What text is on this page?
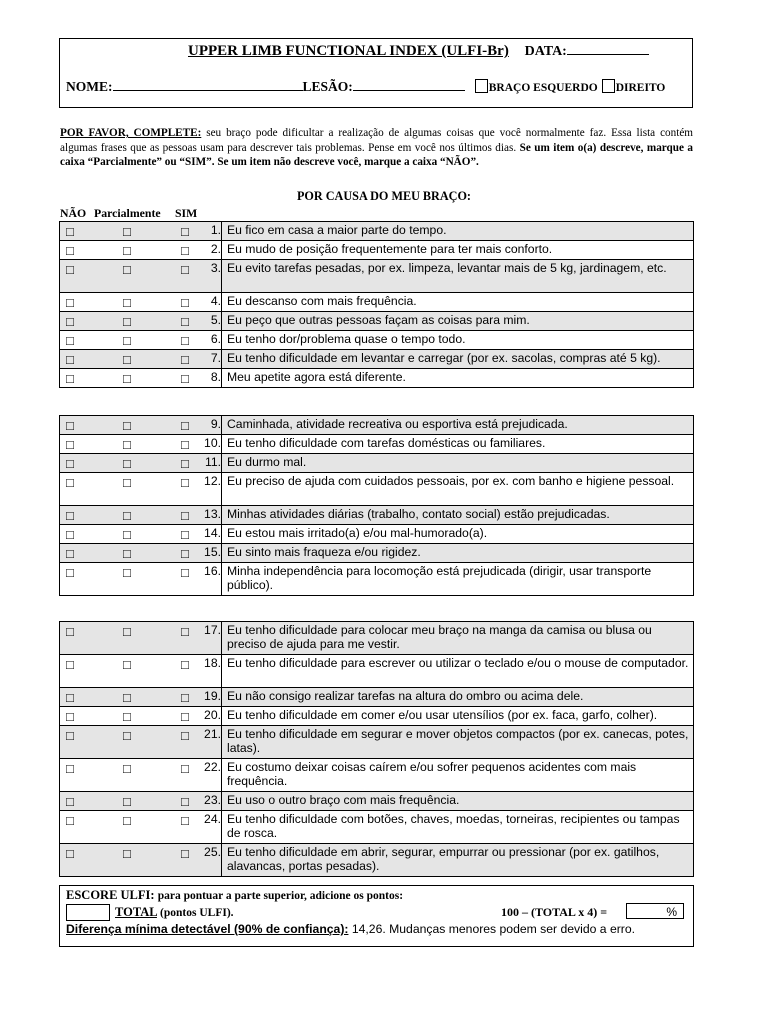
UPPER LIMB FUNCTIONAL INDEX (ULFI-Br) DATA:
NOME:	LESÃO:	BRAÇO ESQUERDO DIREITO
POR FAVOR, COMPLETE: seu braço pode dificultar a realização de algumas coisas que você normalmente faz. Essa lista contém algumas frases que as pessoas usam para descrever tais problemas. Pense em você nos últimos dias. Se um item o(a) descreve, marque a caixa “Parcialmente” ou “SIM”. Se um item não descreve você, marque a caixa “NÃO”.
POR CAUSA DO MEU BRAÇO:
NÃO Parcialmente SIM
□ □ □ 1.	Eu fico em casa a maior parte do tempo.

□ □ □ 2.	Eu mudo de posição frequentemente para ter mais conforto.

□ □ □ 3.	Eu evito tarefas pesadas, por ex. limpeza, levantar mais de 5 kg, jardinagem, etc.

□ □ □ 4.	Eu descanso com mais frequência.

□ □ □ 5.	Eu peço que outras pessoas façam as coisas para mim.

□ □ □ 6.	Eu tenho dor/problema quase o tempo todo.

□ □ □ 7.	Eu tenho dificuldade em levantar e carregar (por ex. sacolas, compras até 5 kg).

□ □ □ 8.	Meu apetite agora está diferente.
□ □ □ 9.	Caminhada, atividade recreativa ou esportiva está prejudicada.

□ □ □ 10.	Eu tenho dificuldade com tarefas domésticas ou familiares.

□ □ □ 11.	Eu durmo mal.

□ □ □ 12.	Eu preciso de ajuda com cuidados pessoais, por ex. com banho e higiene pessoal.

□ □ □ 13.	Minhas atividades diárias (trabalho, contato social) estão prejudicadas.

□ □ □ 14.	Eu estou mais irritado(a) e/ou mal-humorado(a).

□ □ □ 15.	Eu sinto mais fraqueza e/ou rigidez.

□ □ □ 16.	Minha independência para locomoção está prejudicada (dirigir, usar transporte público).
□ □ □ 17.	Eu tenho dificuldade para colocar meu braço na manga da camisa ou blusa ou preciso de ajuda para me vestir.

□ □ □ 18.	Eu tenho dificuldade para escrever ou utilizar o teclado e/ou o mouse de computador.

□ □ □ 19.	Eu não consigo realizar tarefas na altura do ombro ou acima dele.

□ □ □ 20.	Eu tenho dificuldade em comer e/ou usar utensílios (por ex. faca, garfo, colher).

□ □ □ 21.	Eu tenho dificuldade em segurar e mover objetos compactos (por ex. canecas, potes, latas).

□ □ □ 22.	Eu costumo deixar coisas caírem e/ou sofrer pequenos acidentes com mais frequência.

□ □ □ 23.	Eu uso o outro braço com mais frequência.

□ □ □ 24.	Eu tenho dificuldade com botões, chaves, moedas, torneiras, recipientes ou tampas de rosca.

□ □ □ 25.	Eu tenho dificuldade em abrir, segurar, empurrar ou pressionar (por ex. gatilhos, alavancas, portas pesadas).
ESCORE ULFI: para pontuar a parte superior, adicione os pontos:
TOTAL (pontos ULFI).	100 – (TOTAL x 4) =	%
Diferença mínima detectável (90% de confiança): 14,26. Mudanças menores podem ser devido a erro.
